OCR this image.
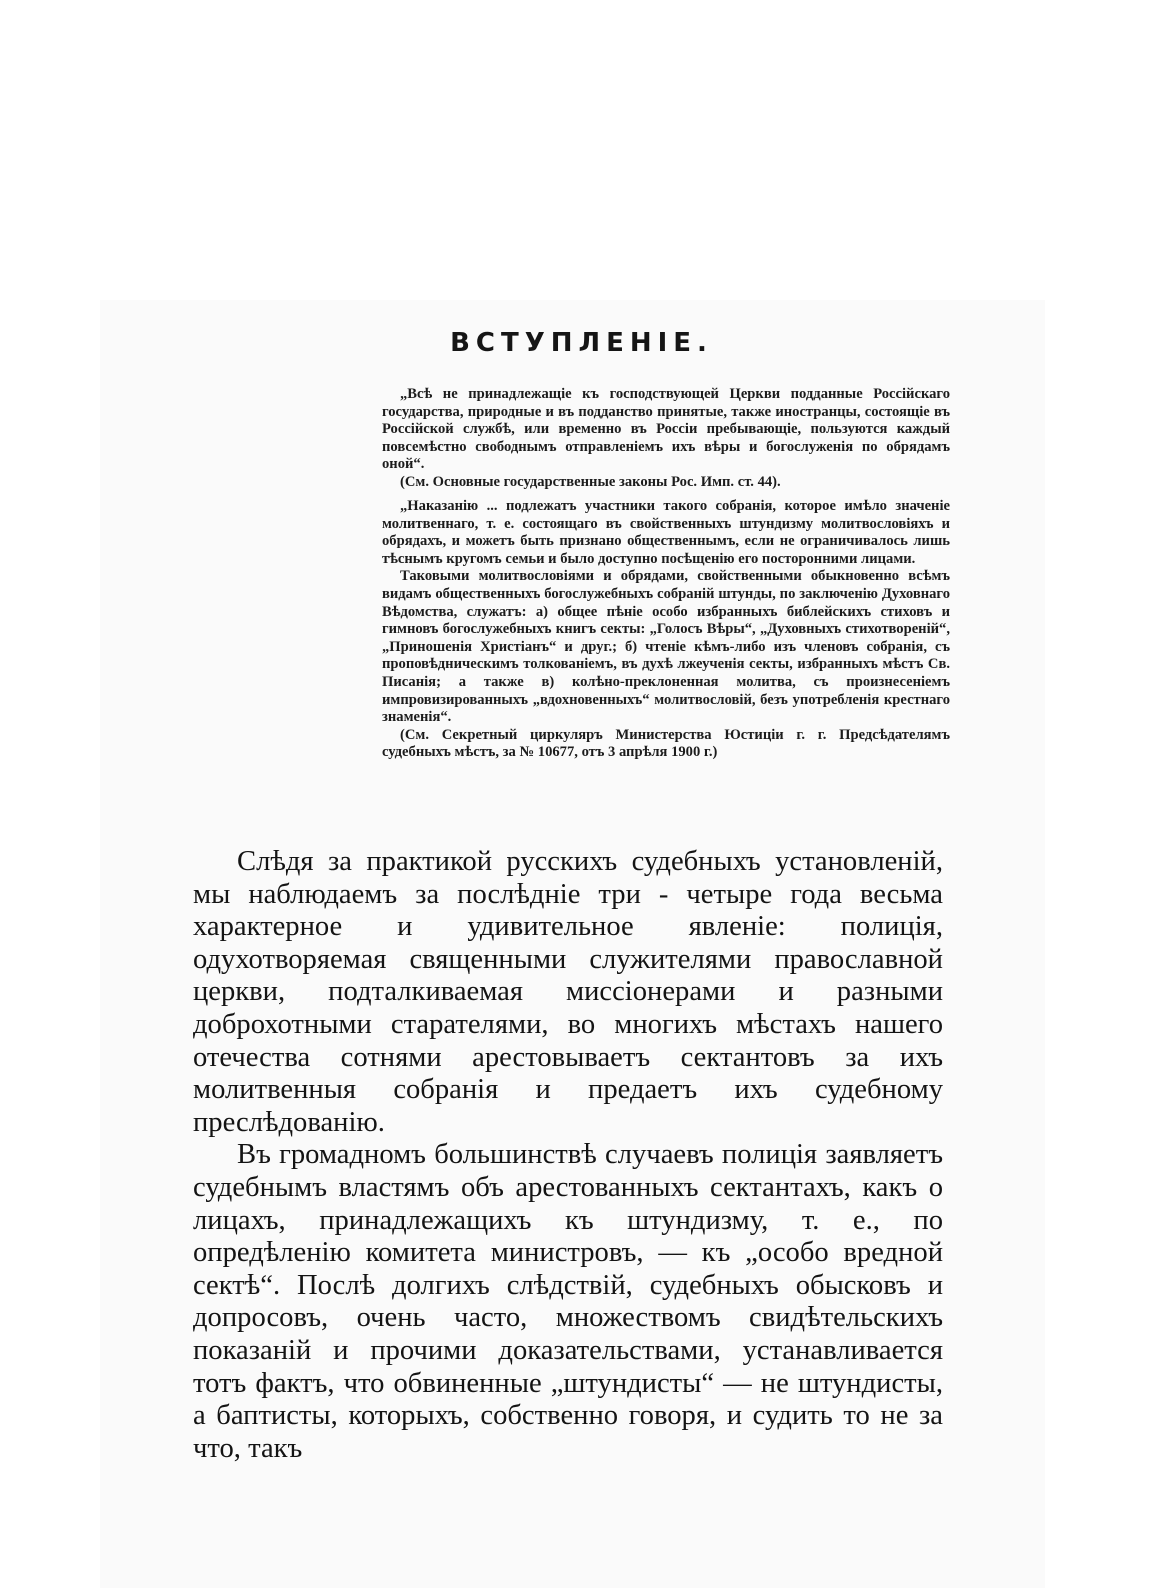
ВСТУПЛЕНІЕ.

„Всѣ не принадлежащіе къ господствующей Церкви подданные Россійскаго государства, природные и въ подданство принятые, также иностранцы, состоящіе въ Россійской службѣ, или временно въ Россіи пребывающіе, пользуются каждый повсемѣстно свободнымъ отправленіемъ ихъ вѣры и богослуженія по обрядамъ оной“.

(См. Основные государственные законы Рос. Имп. ст. 44).

„Наказанію ... подлежатъ участники такого собранія, которое имѣло значеніе молитвеннаго, т. е. состоящаго въ свойственныхъ штундизму молитвословіяхъ и обрядахъ, и можетъ быть признано общественнымъ, если не ограничивалось лишь тѣснымъ кругомъ семьи и было доступно посѣщенію его посторонними лицами.

Таковыми молитвословіями и обрядами, свойственными обыкновенно всѣмъ видамъ общественныхъ богослужебныхъ собраній штунды, по заключенію Духовнаго Вѣдомства, служатъ: а) общее пѣніе особо избранныхъ библейскихъ стиховъ и гимновъ богослужебныхъ книгъ секты: „Голосъ Вѣры“, „Духовныхъ стихотвореній“, „Приношенія Христіанъ“ и друг.; б) чтеніе кѣмъ-либо изъ членовъ собранія, съ проповѣдническимъ толкованіемъ, въ духѣ лжеученія секты, избранныхъ мѣстъ Св. Писанія; а также в) колѣно-преклоненная молитва, съ произнесеніемъ импровизированныхъ „вдохновенныхъ“ молитвословій, безъ употребленія крестнаго знаменія“.

(См. Секретный циркуляръ Министерства Юстиціи г. г. Предсѣдателямъ судебныхъ мѣстъ, за № 10677, отъ 3 апрѣля 1900 г.)

Слѣдя за практикой русскихъ судебныхъ установленій, мы наблюдаемъ за послѣдніе три - четыре года весьма характерное и удивительное явленіе: полиція, одухотворяемая священными служителями православной церкви, подталкиваемая миссіонерами и разными доброхотными старателями, во многихъ мѣстахъ нашего отечества сотнями арестовываетъ сектантовъ за ихъ молитвенныя собранія и предаетъ ихъ судебному преслѣдованію.

Въ громадномъ большинствѣ случаевъ полиція заявляетъ судебнымъ властямъ объ арестованныхъ сектантахъ, какъ о лицахъ, принадлежащихъ къ штундизму, т. е., по опредѣленію комитета министровъ, — къ „особо вредной сектѣ“. Послѣ долгихъ слѣдствій, судебныхъ обысковъ и допросовъ, очень часто, множествомъ свидѣтельскихъ показаній и прочими доказательствами, устанавливается тотъ фактъ, что обвиненные „штундисты“ — не штундисты, а баптисты, которыхъ, собственно говоря, и судить то не за что, такъ
